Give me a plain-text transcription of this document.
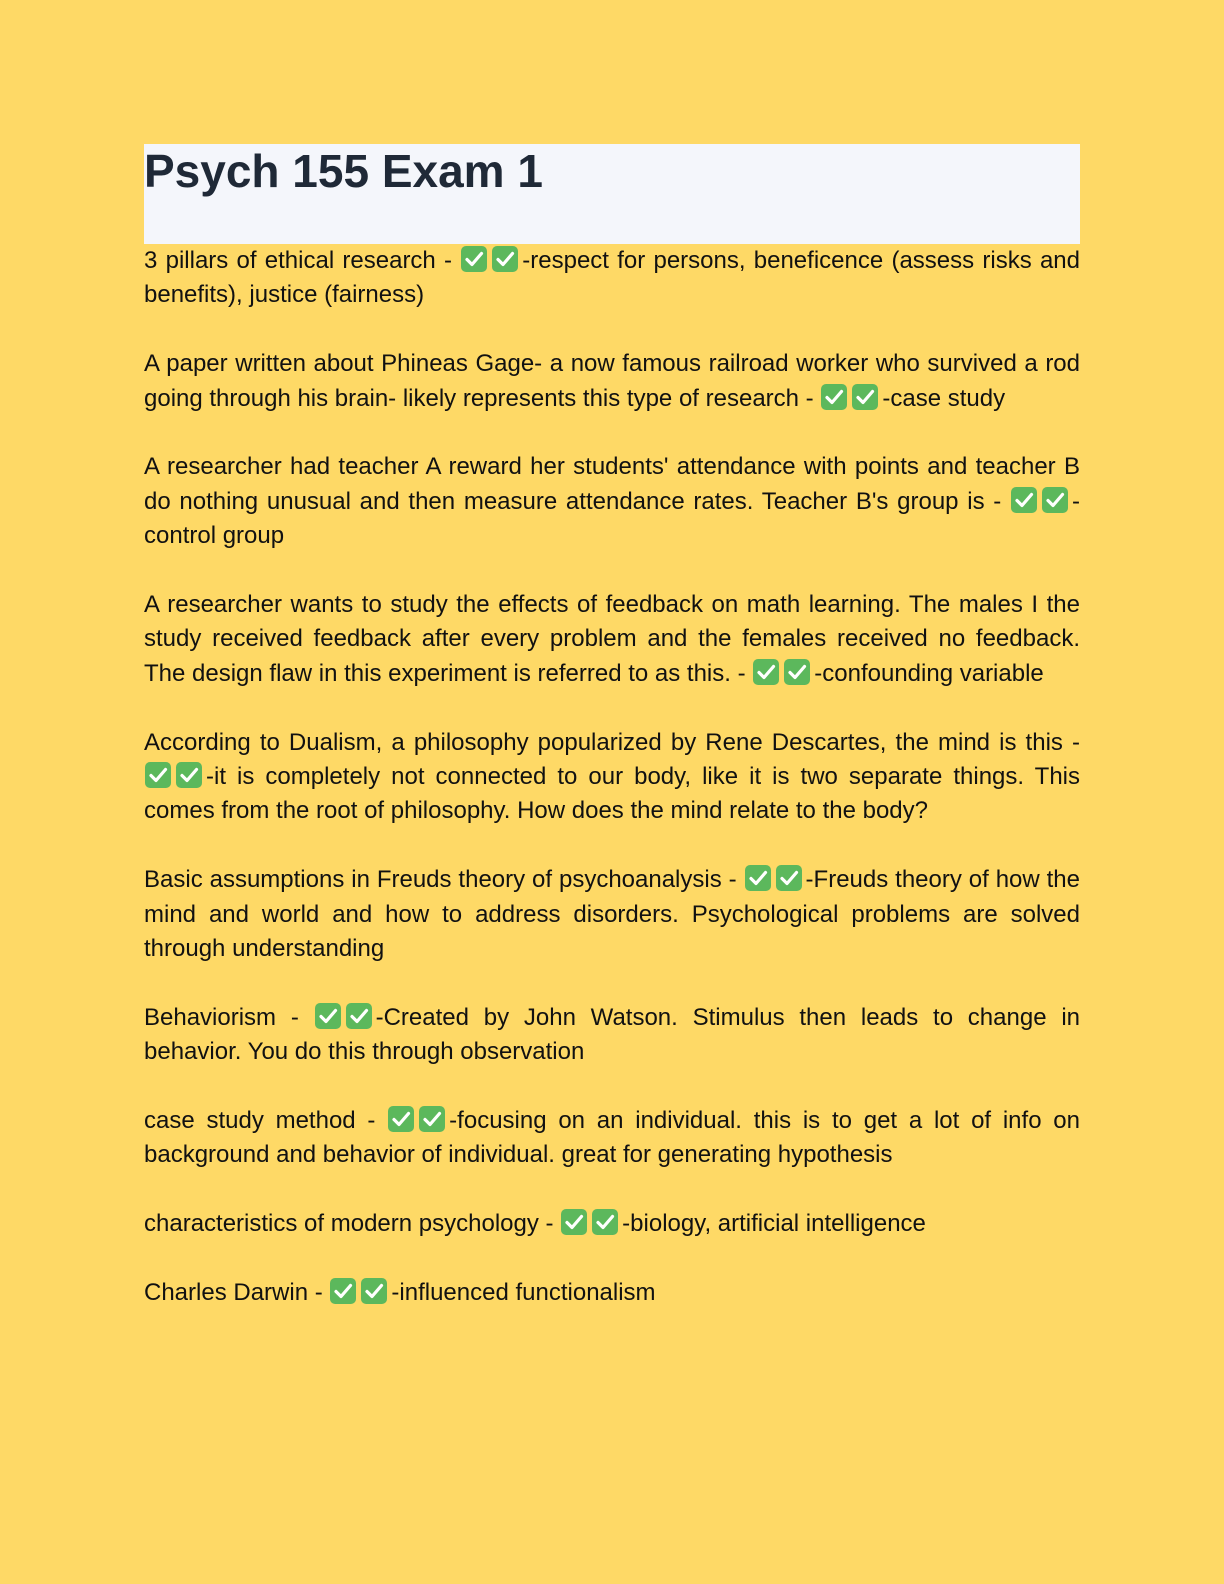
Psych 155 Exam 1

3 pillars of ethical research -	-respect for persons, beneficence (assess risks and benefits), justice (fairness)

A paper written about Phineas Gage- a now famous railroad worker who survived a rod going through his brain- likely represents this type of research -	-case study

A researcher had teacher A reward her students' attendance with points and teacher B do nothing unusual and then measure attendance rates. Teacher B's group is -	-control group

A researcher wants to study the effects of feedback on math learning. The males I the study received feedback after every problem and the females received no feedback. The design flaw in this experiment is referred to as this. -	-confounding variable

According to Dualism, a philosophy popularized by Rene Descartes, the mind is this - -it is completely not connected to our body, like it is two separate things. This comes from the root of philosophy. How does the mind relate to the body?

Basic assumptions in Freuds theory of psychoanalysis -	-Freuds theory of how the mind and world and how to address disorders. Psychological problems are solved through understanding

Behaviorism -	-Created by John Watson. Stimulus then leads to change in behavior. You do this through observation

case study method -	-focusing on an individual. this is to get a lot of info on background and behavior of individual. great for generating hypothesis

characteristics of modern psychology -	-biology, artificial intelligence

Charles Darwin -	-influenced functionalism
